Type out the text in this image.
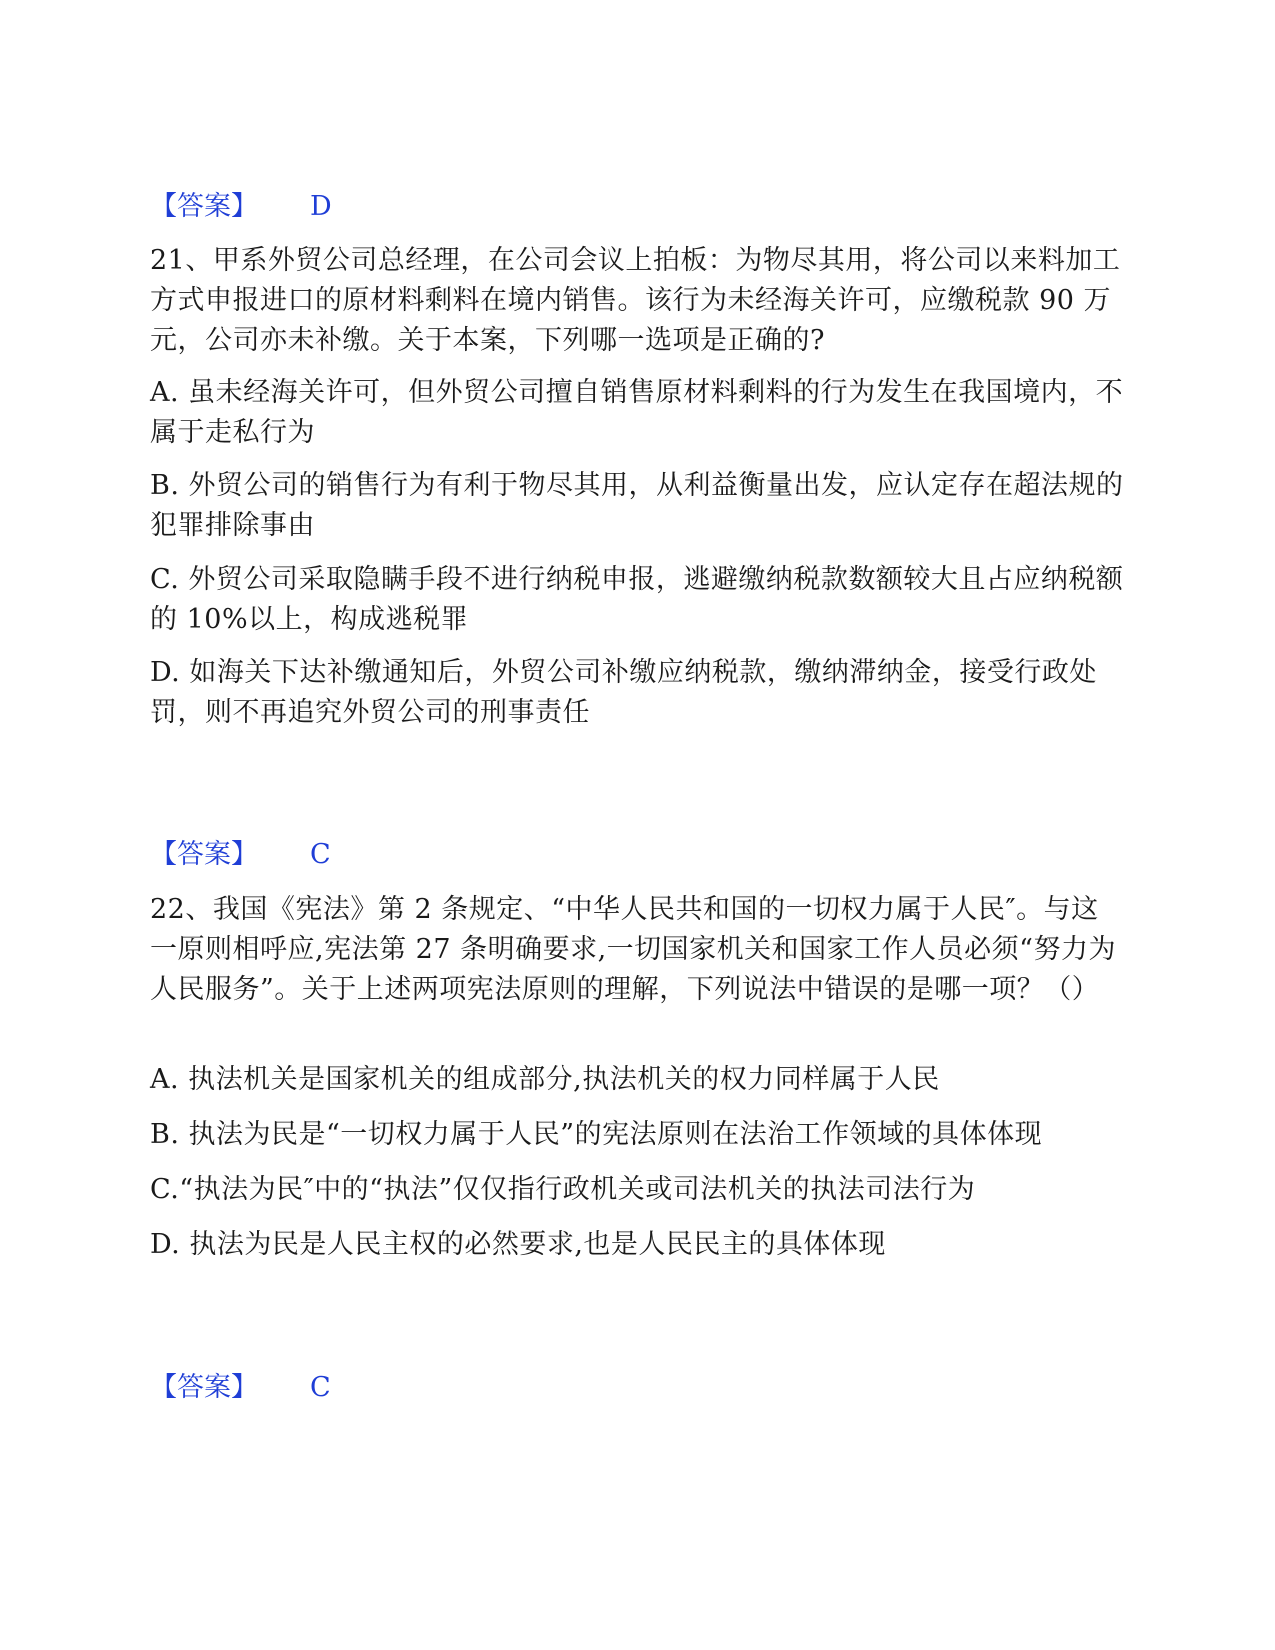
【答案】 D
21、甲系外贸公司总经理，在公司会议上拍板：为物尽其用，将公司以来料加工方式申报进口的原材料剩料在境内销售。该行为未经海关许可，应缴税款 90 万元，公司亦未补缴。关于本案，下列哪一选项是正确的?
A. 虽未经海关许可，但外贸公司擅自销售原材料剩料的行为发生在我国境内，不属于走私行为
B. 外贸公司的销售行为有利于物尽其用，从利益衡量出发，应认定存在超法规的犯罪排除事由
C. 外贸公司采取隐瞒手段不进行纳税申报，逃避缴纳税款数额较大且占应纳税额的 10%以上，构成逃税罪
D. 如海关下达补缴通知后，外贸公司补缴应纳税款，缴纳滞纳金，接受行政处罚，则不再追究外贸公司的刑事责任
【答案】 C
22、我国《宪法》第 2 条规定、“中华人民共和国的一切权力属于人民″。与这一原则相呼应,宪法第 27 条明确要求,一切国家机关和国家工作人员必须“努力为人民服务”。关于上述两项宪法原则的理解，下列说法中错误的是哪一项？（）
A. 执法机关是国家机关的组成部分,执法机关的权力同样属于人民
B. 执法为民是“一切权力属于人民”的宪法原则在法治工作领域的具体体现
C.“执法为民″中的“执法”仅仅指行政机关或司法机关的执法司法行为
D. 执法为民是人民主权的必然要求,也是人民民主的具体体现
【答案】 C
